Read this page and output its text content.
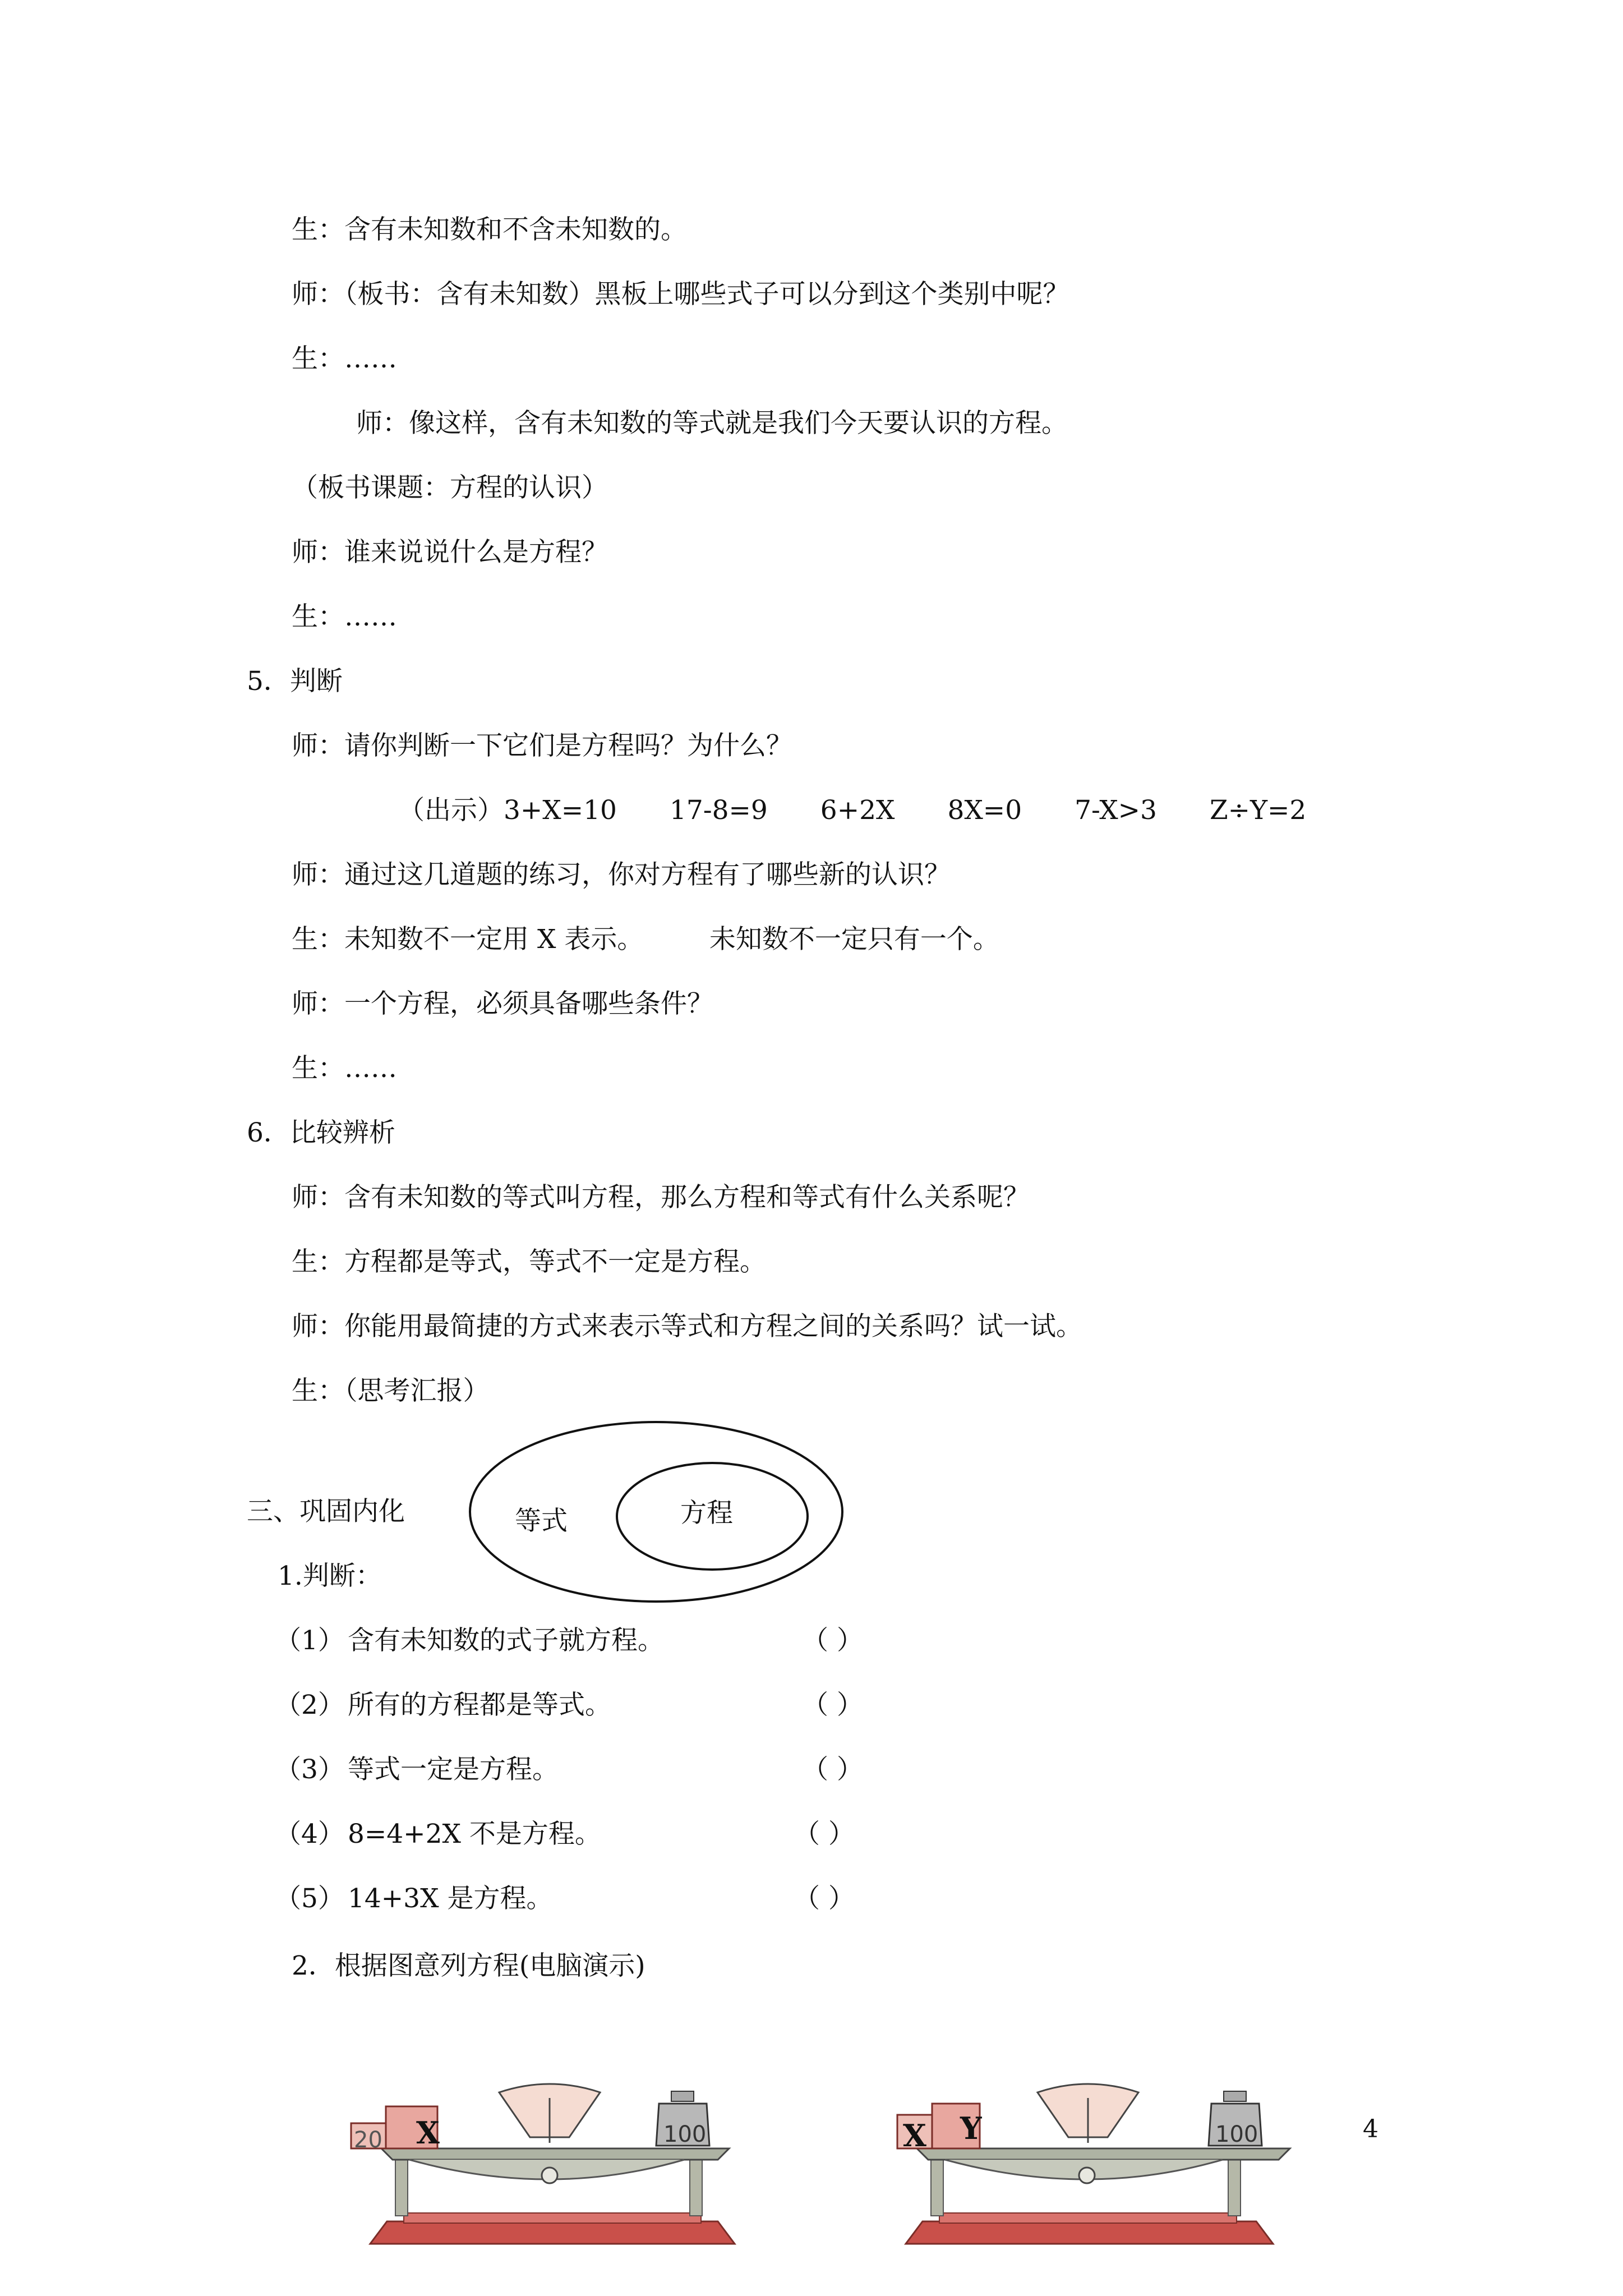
生：含有未知数和不含未知数的。
师：（板书：含有未知数）黑板上哪些式子可以分到这个类别中呢？
生：……
师：像这样，含有未知数的等式就是我们今天要认识的方程。
（板书课题：方程的认识）
师：谁来说说什么是方程？
生：……
5．判断
师：请你判断一下它们是方程吗？为什么？
（出示）3+X=10　　17-8=9　　6+2X　　8X=0　　7-X>3　　Z÷Y=2
师：通过这几道题的练习，你对方程有了哪些新的认识？
生：未知数不一定用 X 表示。　　　未知数不一定只有一个。
师：一个方程，必须具备哪些条件？
生：……
6．比较辨析
师：含有未知数的等式叫方程，那么方程和等式有什么关系呢？
生：方程都是等式，等式不一定是方程。
师：你能用最简捷的方式来表示等式和方程之间的关系吗？试一试。
生：（思考汇报）
三、巩固内化
1.判断：
等式	方程
（1） 含有未知数的式子就方程。	（ ）
（2） 所有的方程都是等式。	（ ）
（3） 等式一定是方程。	（ ）
（4） 8=4+2X 不是方程。	（ ）
（5） 14+3X 是方程。	（ ）
2．根据图意列方程(电脑演示)
20 X	100	X Y	100	4
